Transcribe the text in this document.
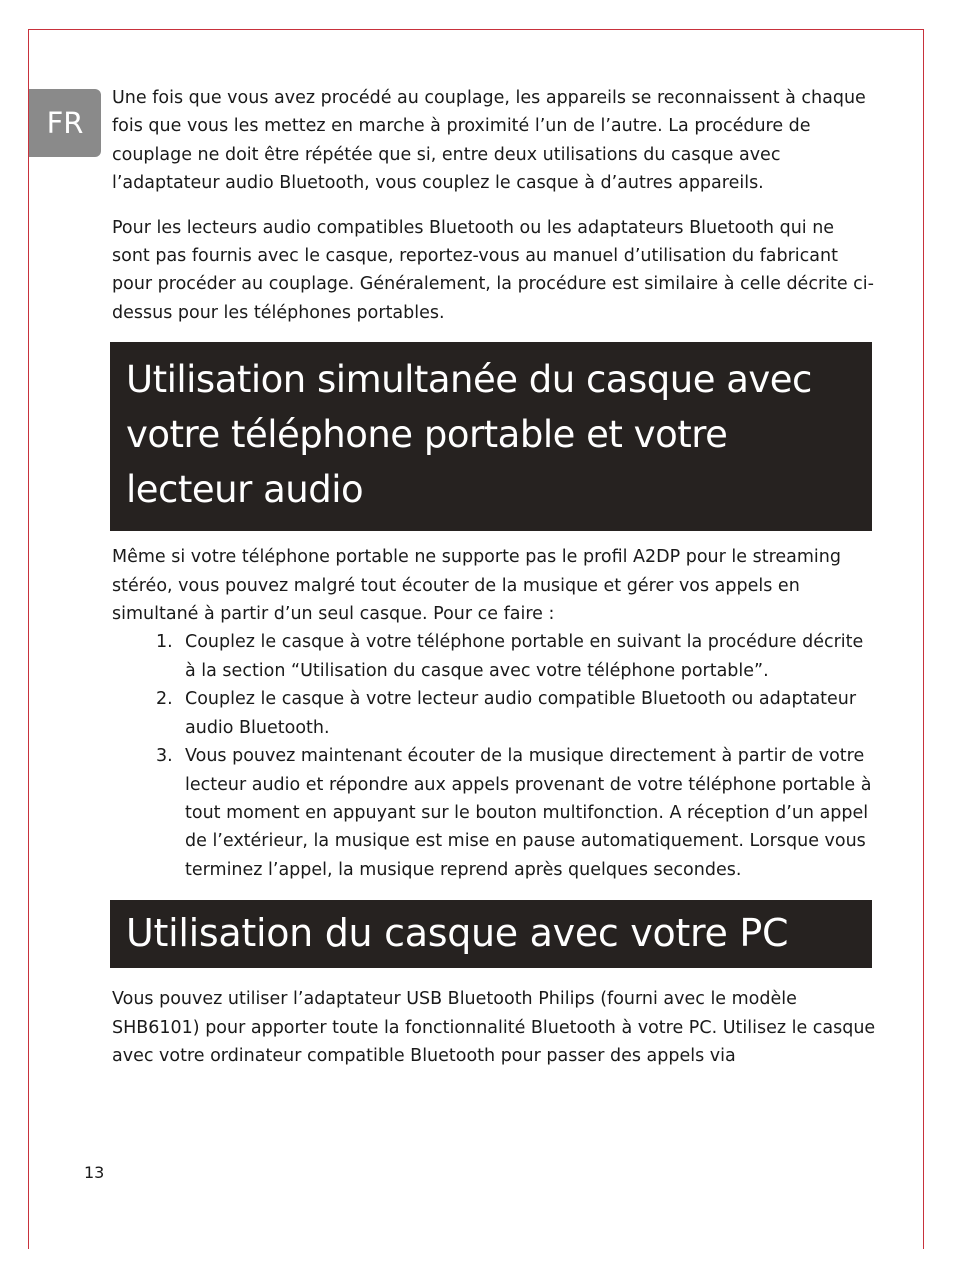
FR

Une fois que vous avez procédé au couplage, les appareils se reconnaissent à chaque fois que vous les mettez en marche à proximité l’un de l’autre. La procédure de couplage ne doit être répétée que si, entre deux utilisations du casque avec l’adaptateur audio Bluetooth, vous couplez le casque à d’autres appareils.

Pour les lecteurs audio compatibles Bluetooth ou les adaptateurs Bluetooth qui ne sont pas fournis avec le casque, reportez-vous au manuel d’utilisation du fabricant pour procéder au couplage. Généralement, la procédure est similaire à celle décrite ci-dessus pour les téléphones portables.

Utilisation simultanée du casque avec votre téléphone portable et votre lecteur audio

Même si votre téléphone portable ne supporte pas le profil A2DP pour le streaming stéréo, vous pouvez malgré tout écouter de la musique et gérer vos appels en simultané à partir d’un seul casque. Pour ce faire :

1. Couplez le casque à votre téléphone portable en suivant la procédure décrite à la section “Utilisation du casque avec votre téléphone portable”.
2. Couplez le casque à votre lecteur audio compatible Bluetooth ou adaptateur audio Bluetooth.
3. Vous pouvez maintenant écouter de la musique directement à partir de votre lecteur audio et répondre aux appels provenant de votre téléphone portable à tout moment en appuyant sur le bouton multifonction. A réception d’un appel de l’extérieur, la musique est mise en pause automatiquement. Lorsque vous terminez l’appel, la musique reprend après quelques secondes.
Utilisation du casque avec votre PC

Vous pouvez utiliser l’adaptateur USB Bluetooth Philips (fourni avec le modèle SHB6101) pour apporter toute la fonctionnalité Bluetooth à votre PC. Utilisez le casque avec votre ordinateur compatible Bluetooth pour passer des appels via

13
